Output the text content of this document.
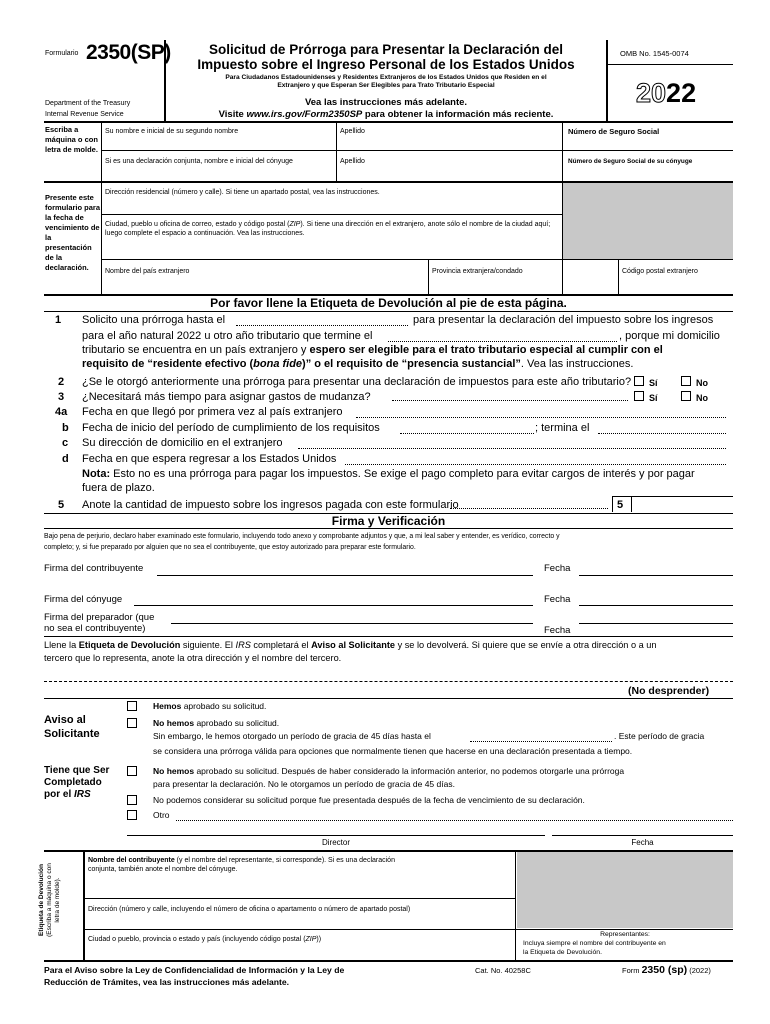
Formulario 2350(SP)
Department of the Treasury
Internal Revenue Service
Solicitud de Prórroga para Presentar la Declaración del
Impuesto sobre el Ingreso Personal de los Estados Unidos
Para Ciudadanos Estadounidenses y Residentes Extranjeros de los Estados Unidos que Residen en el
Extranjero y que Esperan Ser Elegibles para Trato Tributario Especial
Vea las instrucciones más adelante.
Visite www.irs.gov/Form2350SP para obtener la información más reciente.
OMB No. 1545-0074
2022
Escriba a máquina o con letra de molde.
Presente este formulario para la fecha de vencimiento de la presentación de la declaración.
Su nombre e inicial de su segundo nombre	Apellido	Número de Seguro Social
Si es una declaración conjunta, nombre e inicial del cónyuge	Apellido	Número de Seguro Social de su cónyuge
Dirección residencial (número y calle). Si tiene un apartado postal, vea las instrucciones.
Ciudad, pueblo u oficina de correo, estado y código postal (ZIP). Si tiene una dirección en el extranjero, anote sólo el nombre de la ciudad aquí; luego complete el espacio a continuación. Vea las instrucciones.
Nombre del país extranjero	Provincia extranjera/condado	Código postal extranjero
Por favor llene la Etiqueta de Devolución al pie de esta página.
1 Solicito una prórroga hasta el	para presentar la declaración del impuesto sobre los ingresos
para el año natural 2022 u otro año tributario que termine el	, porque mi domicilio
tributario se encuentra en un país extranjero y espero ser elegible para el trato tributario especial al cumplir con el
requisito de “residente efectivo (bona fide)” o el requisito de “presencia sustancial”. Vea las instrucciones.
2 ¿Se le otorgó anteriormente una prórroga para presentar una declaración de impuestos para este año tributario? Sí	No
3 ¿Necesitará más tiempo para asignar gastos de mudanza?	Sí	No
4a Fecha en que llegó por primera vez al país extranjero
b Fecha de inicio del período de cumplimiento de los requisitos	; termina el
c Su dirección de domicilio en el extranjero
d Fecha en que espera regresar a los Estados Unidos
Nota: Esto no es una prórroga para pagar los impuestos. Se exige el pago completo para evitar cargos de interés y por pagar
fuera de plazo.
5 Anote la cantidad de impuesto sobre los ingresos pagada con este formulario	5
Firma y Verificación
Bajo pena de perjurio, declaro haber examinado este formulario, incluyendo todo anexo y comprobante adjuntos y que, a mi leal saber y entender, es verídico, correcto y
completo; y, si fue preparado por alguien que no sea el contribuyente, que estoy autorizado para preparar este formulario.
Firma del contribuyente	Fecha
Firma del cónyuge	Fecha
Firma del preparador (que
no sea el contribuyente)	Fecha
Llene la Etiqueta de Devolución siguiente. El IRS completará el Aviso al Solicitante y se lo devolverá. Si quiere que se envíe a otra dirección o a un
tercero que lo representa, anote la otra dirección y el nombre del tercero.
(No desprender)
Aviso al
Solicitante
Tiene que Ser
Completado
por el IRS
Hemos aprobado su solicitud.
No hemos aprobado su solicitud.
Sin embargo, le hemos otorgado un período de gracia de 45 días hasta el	. Este período de gracia
se considera una prórroga válida para opciones que normalmente tienen que hacerse en una declaración presentada a tiempo.
No hemos aprobado su solicitud. Después de haber considerado la información anterior, no podemos otorgarle una prórroga
para presentar la declaración. No le otorgamos un período de gracia de 45 días.
No podemos considerar su solicitud porque fue presentada después de la fecha de vencimiento de su declaración.
Otro
Director	Fecha
Etiqueta de Devolución (Escriba a máquina o con letra de molde).
Nombre del contribuyente (y el nombre del representante, si corresponde). Si es una declaración
conjunta, también anote el nombre del cónyuge.
Dirección (número y calle, incluyendo el número de oficina o apartamento o número de apartado postal)
Ciudad o pueblo, provincia o estado y país (incluyendo código postal (ZIP))
Representantes:
Incluya siempre el nombre del contribuyente en
la Etiqueta de Devolución.
Para el Aviso sobre la Ley de Confidencialidad de Información y la Ley de
Reducción de Trámites, vea las instrucciones más adelante.
Cat. No. 40258C	Form 2350 (sp) (2022)
